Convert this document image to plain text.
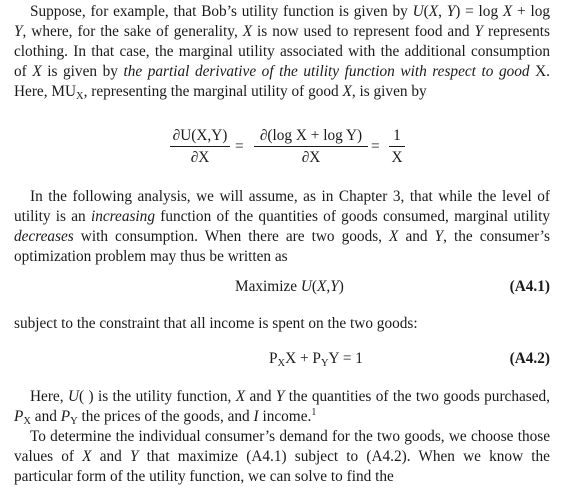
Suppose, for example, that Bob’s utility function is given by U(X, Y) = log X + log Y, where, for the sake of generality, X is now used to represent food and Y represents clothing. In that case, the marginal utility associated with the additional consumption of X is given by the partial derivative of the utility function with respect to good X. Here, $MU_X$, representing the marginal utility of good X, is given by

∂U(X,Y)
∂X
=
∂(log X + log Y)
∂X
=
1
X

In the following analysis, we will assume, as in Chapter 3, that while the level of utility is an increasing function of the quantities of goods consumed, marginal utility decreases with consumption. When there are two goods, X and Y, the consumer’s optimization problem may thus be written as

Maximize U(X,Y)	(A4.1)

subject to the constraint that all income is spent on the two goods:

$P_XX + P_YY = 1$	(A4.2)

Here, U( ) is the utility function, X and Y the quantities of the two goods purchased, $P_X$ and $P_Y$ the prices of the goods, and I income.$^1$

To determine the individual consumer’s demand for the two goods, we choose those values of X and Y that maximize (A4.1) subject to (A4.2). When we know the particular form of the utility function, we can solve to find the
